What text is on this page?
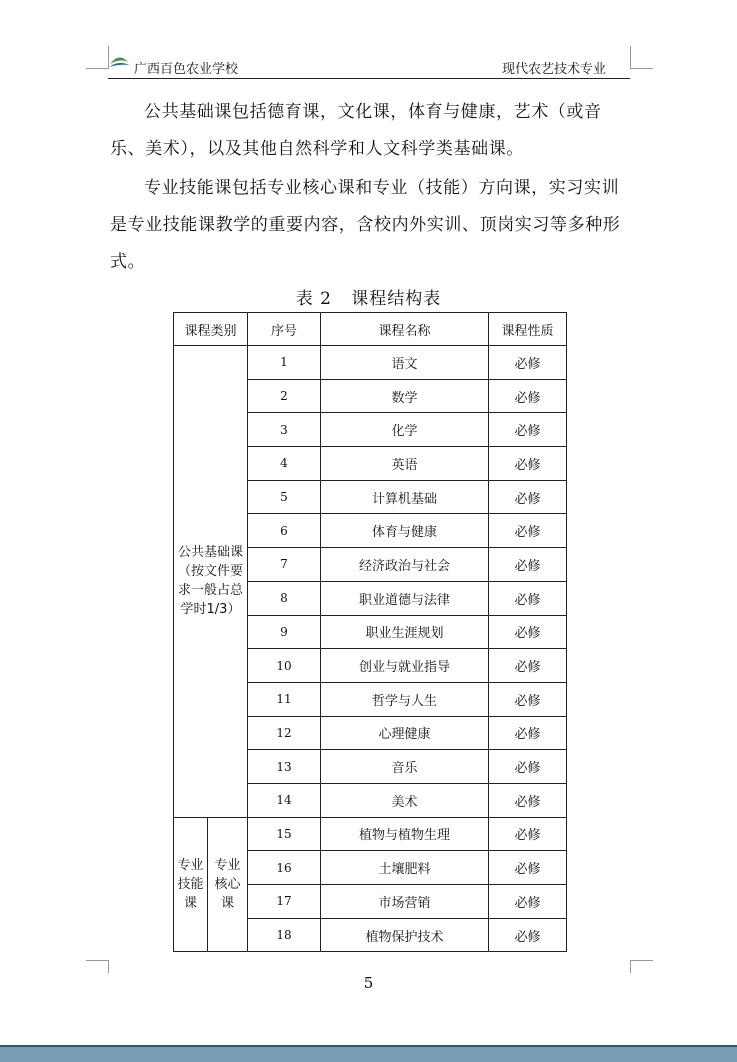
广西百色农业学校	现代农艺技术专业

公共基础课包括德育课，文化课，体育与健康，艺术（或音乐、美术），以及其他自然科学和人文科学类基础课。

专业技能课包括专业核心课和专业（技能）方向课，实习实训是专业技能课教学的重要内容，含校内外实训、顶岗实习等多种形式。

表 2   课程结构表
课程类别		序号	课程名称	课程性质
公共基础课（按文件要求一般占总学时1/3）		1	语文	必修
		2	数学	必修
		3	化学	必修
		4	英语	必修
		5	计算机基础	必修
		6	体育与健康	必修
		7	经济政治与社会	必修
		8	职业道德与法律	必修
		9	职业生涯规划	必修
		10	创业与就业指导	必修
		11	哲学与人生	必修
		12	心理健康	必修
		13	音乐	必修
		14	美术	必修
专业技能课	专业核心课	15	植物与植物生理	必修
		16	土壤肥料	必修
		17	市场营销	必修
		18	植物保护技术	必修
5
